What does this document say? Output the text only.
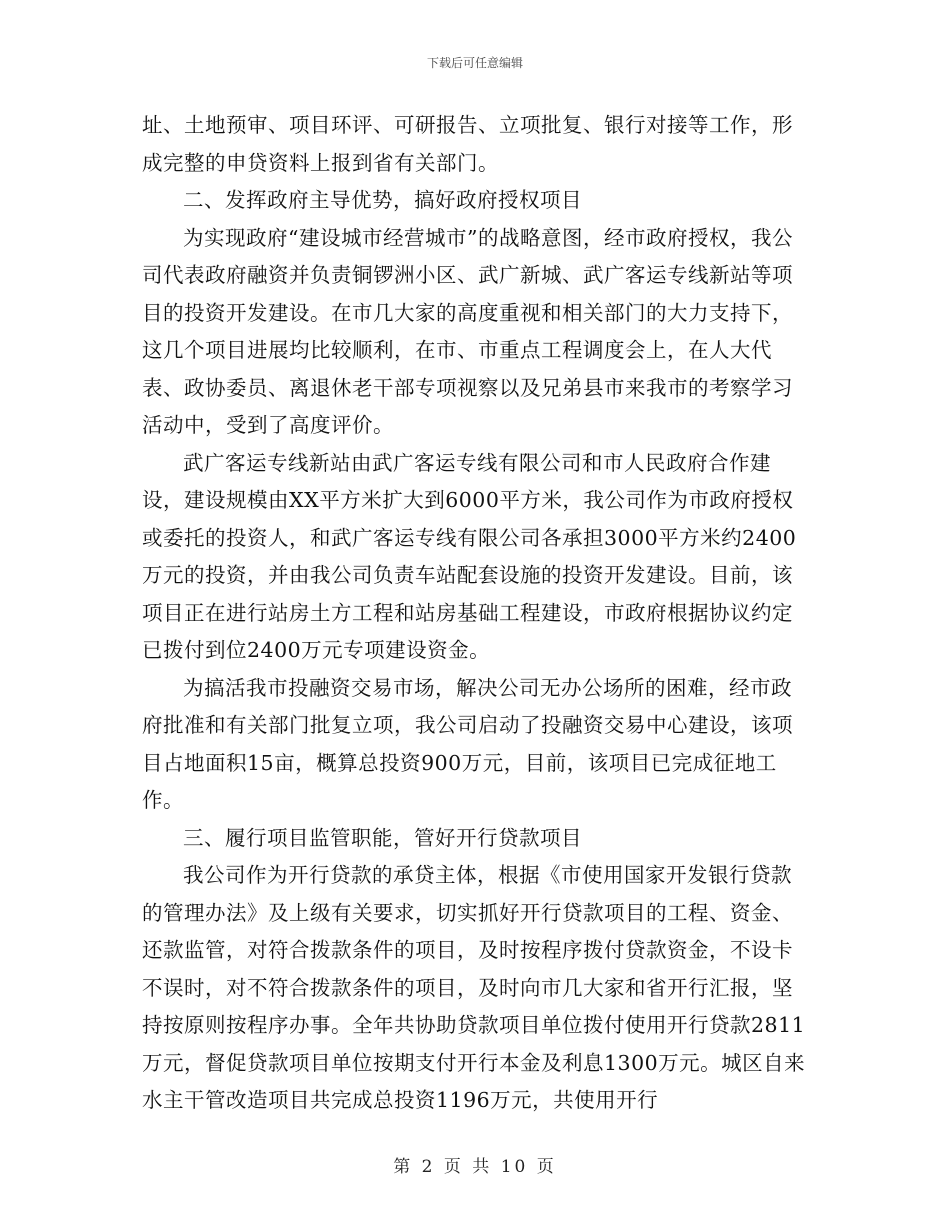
下载后可任意编辑

址、土地预审、项目环评、可研报告、立项批复、银行对接等工作，形成完整的申贷资料上报到省有关部门。

二、发挥政府主导优势，搞好政府授权项目

为实现政府“建设城市经营城市”的战略意图，经市政府授权，我公司代表政府融资并负责铜锣洲小区、武广新城、武广客运专线新站等项目的投资开发建设。在市几大家的高度重视和相关部门的大力支持下，这几个项目进展均比较顺利，在市、市重点工程调度会上，在人大代表、政协委员、离退休老干部专项视察以及兄弟县市来我市的考察学习活动中，受到了高度评价。

武广客运专线新站由武广客运专线有限公司和市人民政府合作建设，建设规模由XX平方米扩大到6000平方米，我公司作为市政府授权或委托的投资人，和武广客运专线有限公司各承担3000平方米约2400万元的投资，并由我公司负责车站配套设施的投资开发建设。目前，该项目正在进行站房土方工程和站房基础工程建设，市政府根据协议约定已拨付到位2400万元专项建设资金。

为搞活我市投融资交易市场，解决公司无办公场所的困难，经市政府批准和有关部门批复立项，我公司启动了投融资交易中心建设，该项目占地面积15亩，概算总投资900万元，目前，该项目已完成征地工作。

三、履行项目监管职能，管好开行贷款项目

我公司作为开行贷款的承贷主体，根据《市使用国家开发银行贷款的管理办法》及上级有关要求，切实抓好开行贷款项目的工程、资金、还款监管，对符合拨款条件的项目，及时按程序拨付贷款资金，不设卡不误时，对不符合拨款条件的项目，及时向市几大家和省开行汇报，坚持按原则按程序办事。全年共协助贷款项目单位拨付使用开行贷款2811万元，督促贷款项目单位按期支付开行本金及利息1300万元。城区自来水主干管改造项目共完成总投资1196万元，共使用开行

第 2 页 共 10 页
